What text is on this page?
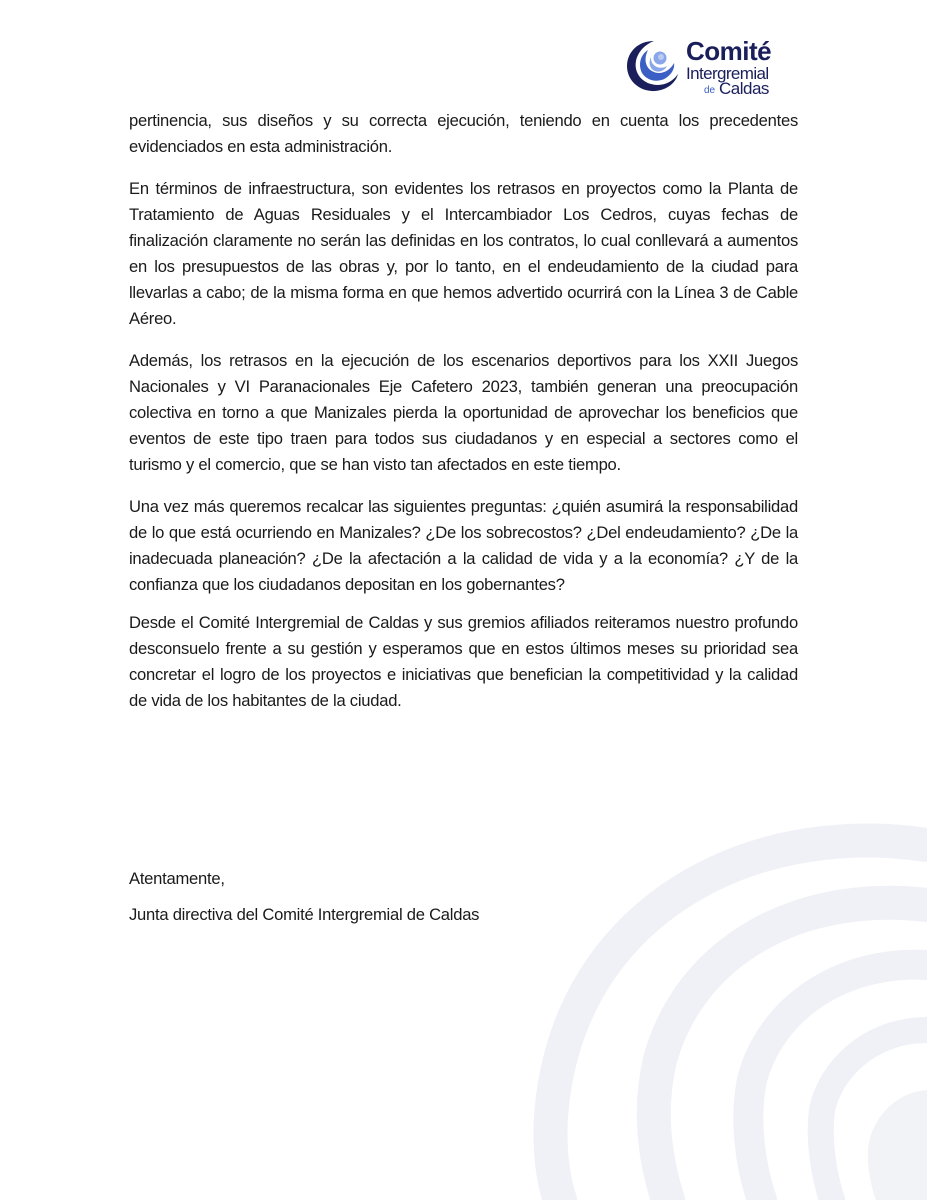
Comité
Intergremial
de Caldas

pertinencia, sus diseños y su correcta ejecución, teniendo en cuenta los precedentes evidenciados en esta administración.

En términos de infraestructura, son evidentes los retrasos en proyectos como la Planta de Tratamiento de Aguas Residuales y el Intercambiador Los Cedros, cuyas fechas de finalización claramente no serán las definidas en los contratos, lo cual conllevará a aumentos en los presupuestos de las obras y, por lo tanto, en el endeudamiento de la ciudad para llevarlas a cabo; de la misma forma en que hemos advertido ocurrirá con la Línea 3 de Cable Aéreo.

Además, los retrasos en la ejecución de los escenarios deportivos para los XXII Juegos Nacionales y VI Paranacionales Eje Cafetero 2023, también generan una preocupación colectiva en torno a que Manizales pierda la oportunidad de aprovechar los beneficios que eventos de este tipo traen para todos sus ciudadanos y en especial a sectores como el turismo y el comercio, que se han visto tan afectados en este tiempo.

Una vez más queremos recalcar las siguientes preguntas: ¿quién asumirá la responsabilidad de lo que está ocurriendo en Manizales? ¿De los sobrecostos? ¿Del endeudamiento? ¿De la inadecuada planeación? ¿De la afectación a la calidad de vida y a la economía? ¿Y de la confianza que los ciudadanos depositan en los gobernantes?

Desde el Comité Intergremial de Caldas y sus gremios afiliados reiteramos nuestro profundo desconsuelo frente a su gestión y esperamos que en estos últimos meses su prioridad sea concretar el logro de los proyectos e iniciativas que benefician la competitividad y la calidad de vida de los habitantes de la ciudad.

Atentamente,
Junta directiva del Comité Intergremial de Caldas
